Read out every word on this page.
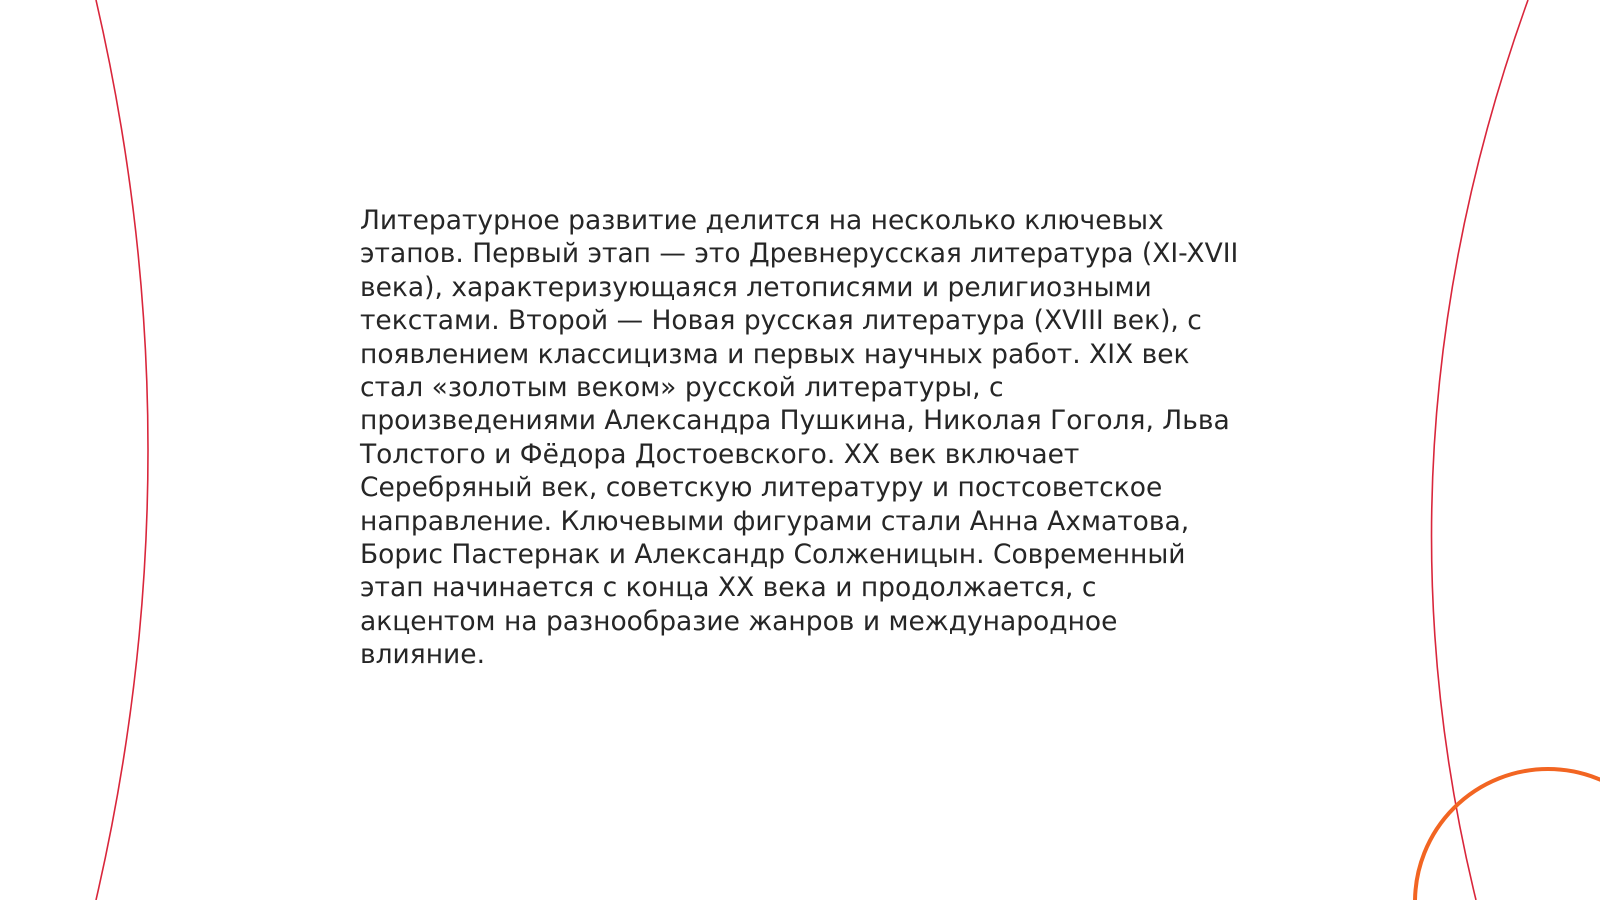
Литературное развитие делится на несколько ключевых этапов. Первый этап — это Древнерусская литература (XI-XVII века), характеризующаяся летописями и религиозными текстами. Второй — Новая русская литература (XVIII век), с появлением классицизма и первых научных работ. XIX век стал «золотым веком» русской литературы, с произведениями Александра Пушкина, Николая Гоголя, Льва Толстого и Фёдора Достоевского. XX век включает Серебряный век, советскую литературу и постсоветское направление. Ключевыми фигурами стали Анна Ахматова, Борис Пастернак и Александр Солженицын. Современный этап начинается с конца XX века и продолжается, с акцентом на разнообразие жанров и международное влияние.
